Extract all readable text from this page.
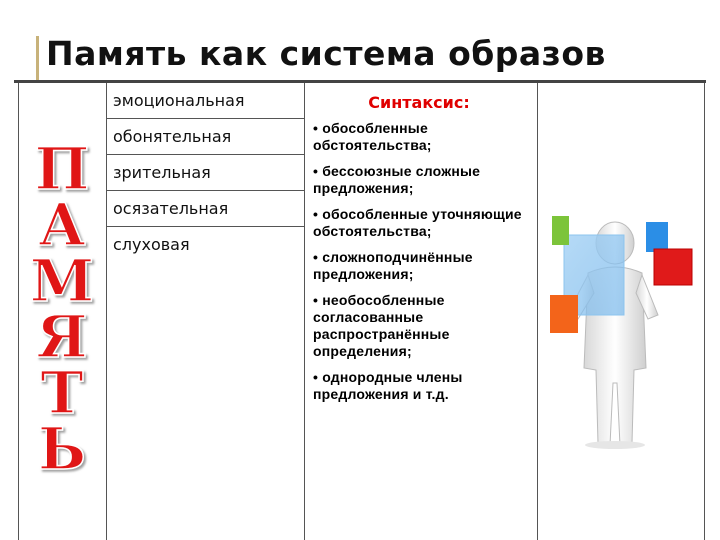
Память как система образов
П
А
М
Я
Т
Ь
эмоциональная
обонятельная
зрительная
осязательная
слуховая

Синтаксис:

• обособленные обстоятельства;
• бессоюзные сложные предложения;
• обособленные уточняющие обстоятельства;
• сложноподчинённые предложения;
• необособленные согласованные распространённые определения;
• однородные члены предложения и т.д.
